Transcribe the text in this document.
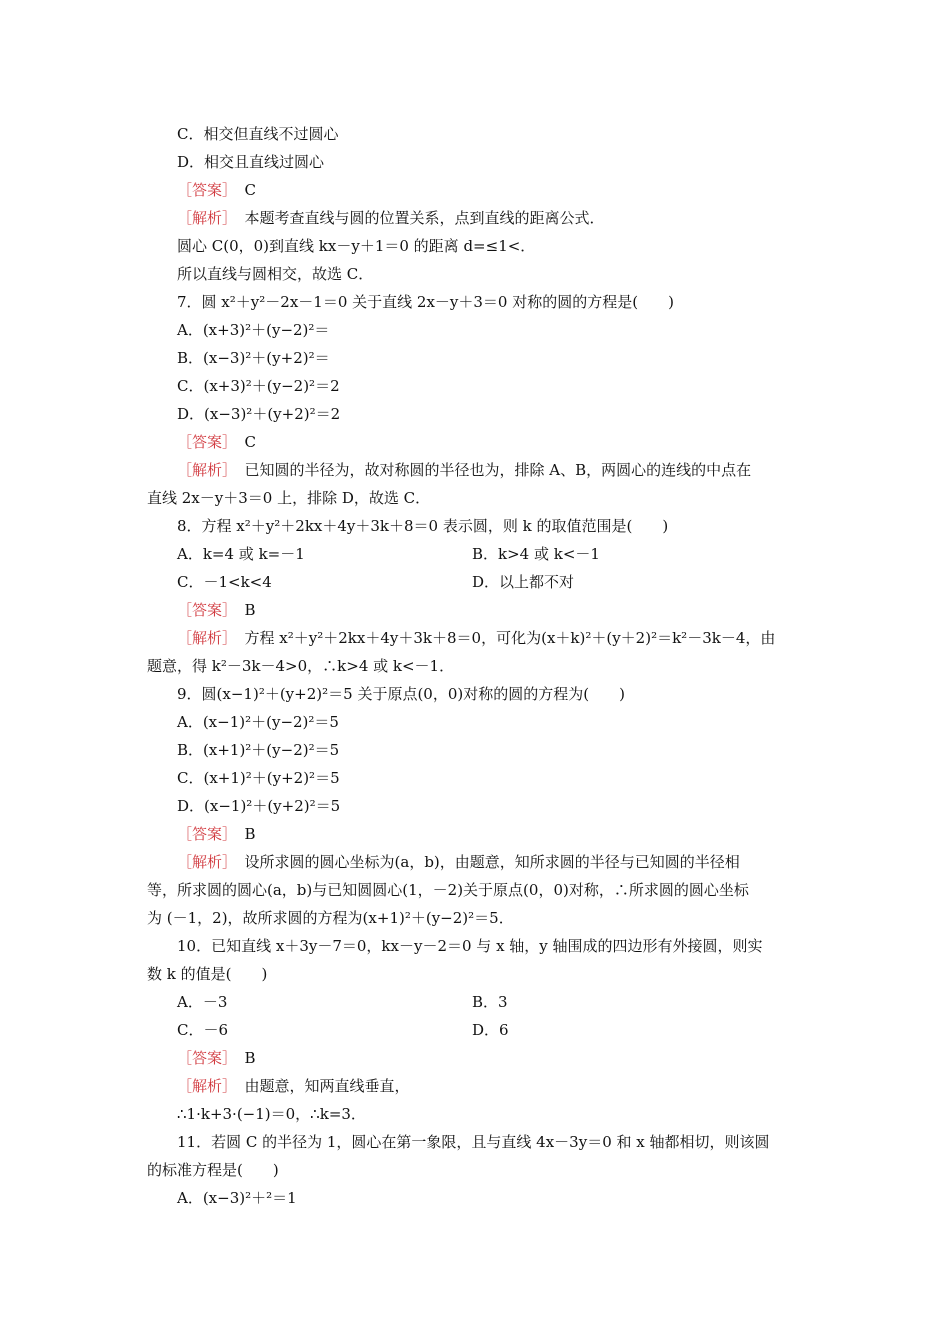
C．相交但直线不过圆心
D．相交且直线过圆心
［答案］　 C
［解析］　 本题考查直线与圆的位置关系，点到直线的距离公式．
圆心 C(0，0)到直线 kx－y＋1＝0 的距离 d=≤1<．
所以直线与圆相交，故选 C．
7．圆 x²＋y²－2x－1＝0 关于直线 2x－y＋3＝0 对称的圆的方程是(　　)
A．(x+3)²＋(y−2)²＝
B．(x−3)²＋(y+2)²＝
C．(x+3)²＋(y−2)²＝2
D．(x−3)²＋(y+2)²＝2
［答案］　 C
［解析］　 已知圆的半径为，故对称圆的半径也为，排除 A、B，两圆心的连线的中点在
直线 2x－y＋3＝0 上，排除 D，故选 C．
8．方程 x²＋y²＋2kx＋4y＋3k＋8＝0 表示圆，则 k 的取值范围是(　　)
A．k=4 或 k=－1	B．k>4 或 k<－1
C．－1<k<4	D．以上都不对
［答案］　 B
［解析］　 方程 x²＋y²＋2kx＋4y＋3k＋8＝0，可化为(x＋k)²＋(y＋2)²＝k²－3k－4，由
题意，得 k²－3k－4>0，∴k>4 或 k<－1．
9．圆(x−1)²＋(y+2)²＝5 关于原点(0，0)对称的圆的方程为(　　)
A．(x−1)²＋(y−2)²＝5
B．(x+1)²＋(y−2)²＝5
C．(x+1)²＋(y+2)²＝5
D．(x−1)²＋(y+2)²＝5
［答案］　 B
［解析］　 设所求圆的圆心坐标为(a，b)，由题意，知所求圆的半径与已知圆的半径相
等，所求圆的圆心(a，b)与已知圆圆心(1，－2)关于原点(0，0)对称，∴所求圆的圆心坐标
为 (－1，2)，故所求圆的方程为(x+1)²＋(y−2)²＝5．
10．已知直线 x＋3y－7＝0，kx－y－2＝0 与 x 轴，y 轴围成的四边形有外接圆，则实
数 k 的值是(　　)
A．－3	B．3
C．－6	D．6
［答案］　 B
［解析］　 由题意，知两直线垂直，
∴1·k+3·(−1)＝0，∴k=3．
11．若圆 C 的半径为 1，圆心在第一象限，且与直线 4x－3y＝0 和 x 轴都相切，则该圆
的标准方程是(　　)
A．(x−3)²＋²＝1
